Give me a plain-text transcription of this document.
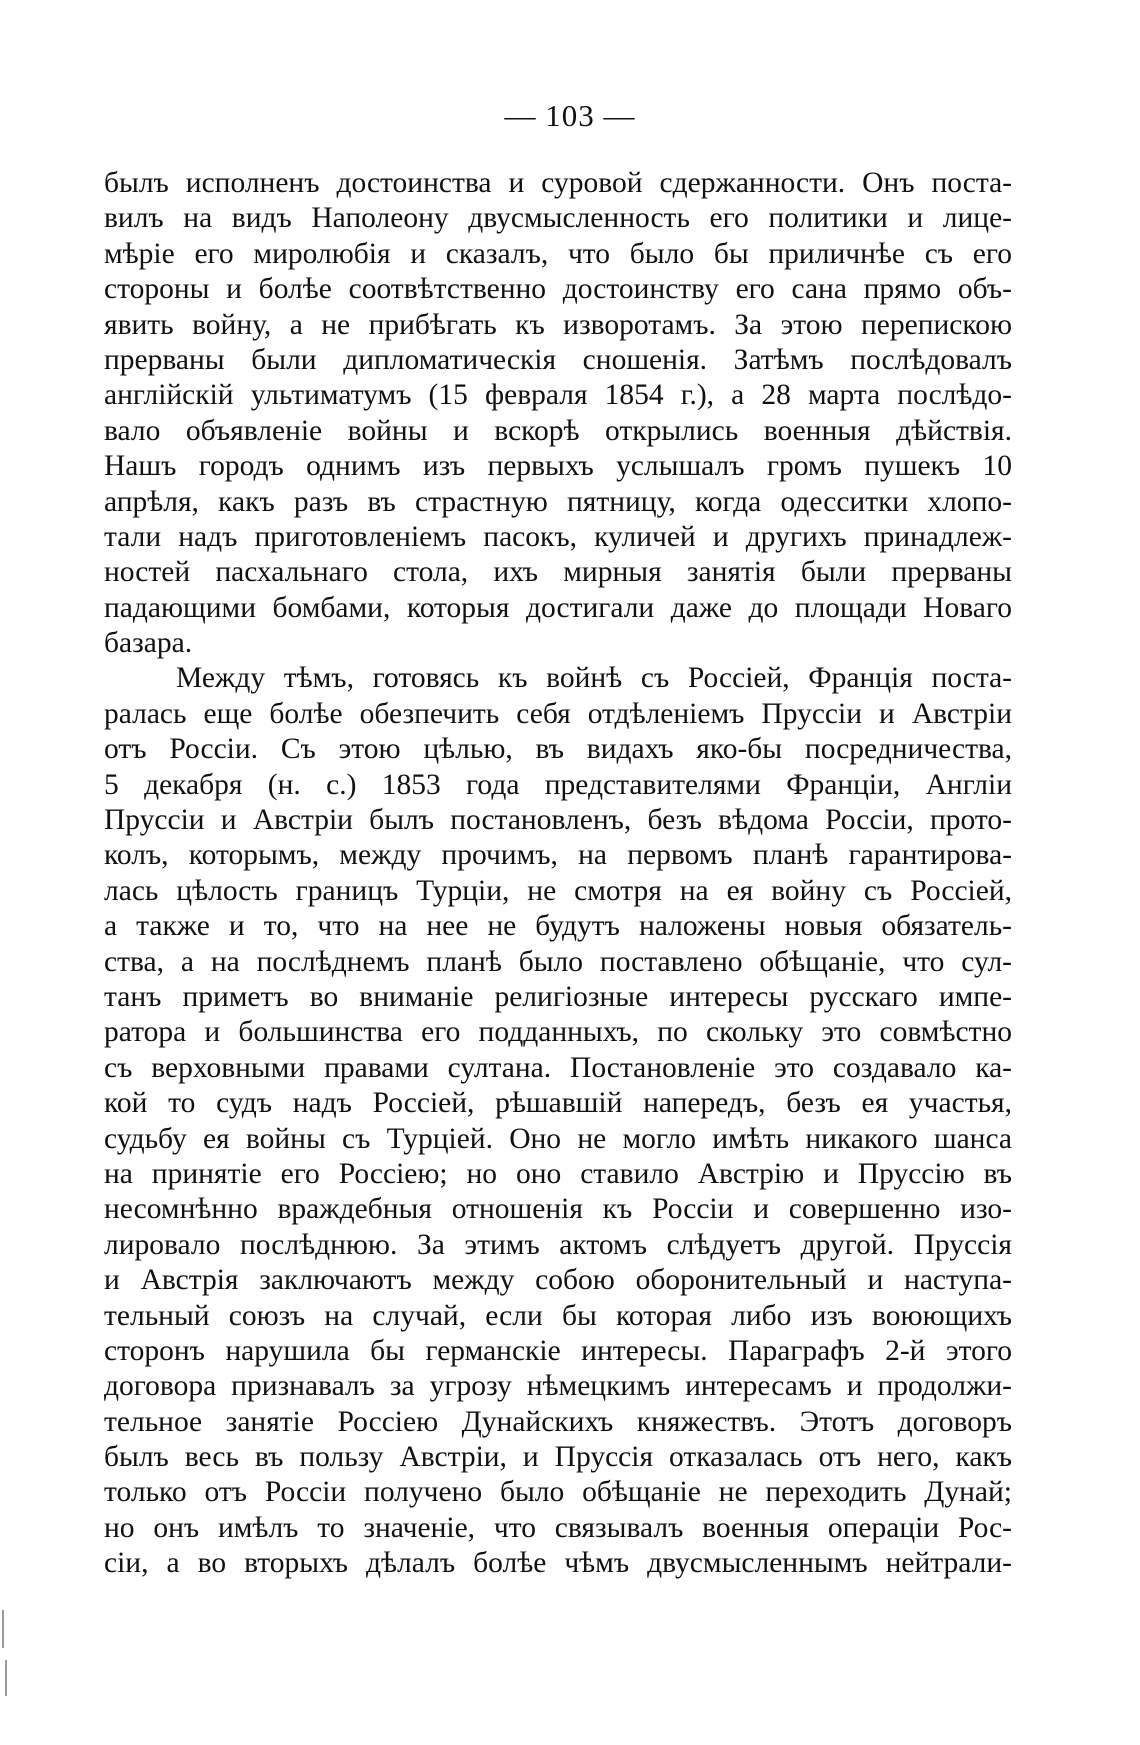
— 103 —
былъ исполненъ достоинства и суровой сдержанности. Онъ поста-
вилъ на видъ Наполеону двусмысленность его политики и лице-
мѣріе его миролюбія и сказалъ, что было бы приличнѣе съ его
стороны и болѣе соотвѣтственно достоинству его сана прямо объ-
явить войну, а не прибѣгать къ изворотамъ. За этою перепискою
прерваны были дипломатическія сношенія. Затѣмъ послѣдовалъ
англійскій ультиматумъ (15 февраля 1854 г.), а 28 марта послѣдо-
вало объявленіе войны и вскорѣ открылись военныя дѣйствія.
Нашъ городъ однимъ изъ первыхъ услышалъ громъ пушекъ 10
апрѣля, какъ разъ въ страстную пятницу, когда одесситки хлопо-
тали надъ приготовленіемъ пасокъ, куличей и другихъ принадлеж-
ностей пасхальнаго стола, ихъ мирныя занятія были прерваны
падающими бомбами, которыя достигали даже до площади Новаго
базара.
Между тѣмъ, готовясь къ войнѣ съ Россіей, Францiя поста-
ралась еще болѣе обезпечить себя отдѣленіемъ Пруссіи и Австріи
отъ Россіи. Съ этою цѣлью, въ видахъ яко-бы посредничества,
5 декабря (н. с.) 1853 года представителями Франціи, Англіи
Пруссіи и Австріи былъ постановленъ, безъ вѣдома Россіи, прото-
колъ, которымъ, между прочимъ, на первомъ планѣ гарантирова-
лась цѣлость границъ Турціи, не смотря на ея войну съ Россіей,
а также и то, что на нее не будутъ наложены новыя обязатель-
ства, а на послѣднемъ планѣ было поставлено обѣщаніе, что сул-
танъ приметъ во вниманіе религіозные интересы русскаго импе-
ратора и большинства его подданныхъ, по скольку это совмѣстно
съ верховными правами султана. Постановленіе это создавало ка-
кой то судъ надъ Россіей, рѣшавшій напередъ, безъ ея участья,
судьбу ея войны съ Турціей. Оно не могло имѣть никакого шанса
на принятіе его Россіею; но оно ставило Австрію и Пруссію въ
несомнѣнно враждебныя отношенія къ Россіи и совершенно изо-
лировало послѣднюю. За этимъ актомъ слѣдуетъ другой. Пруссія
и Австрія заключаютъ между собою оборонительный и наступа-
тельный союзъ на случай, если бы которая либо изъ воюющихъ
сторонъ нарушила бы германскіе интересы. Параграфъ 2-й этого
договора признавалъ за угрозу нѣмецкимъ интересамъ и продолжи-
тельное занятіе Россіею Дунайскихъ княжествъ. Этотъ договоръ
былъ весь въ пользу Австріи, и Пруссія отказалась отъ него, какъ
только отъ Россіи получено было обѣщаніе не переходить Дунай;
но онъ имѣлъ то значеніе, что связывалъ военныя операціи Рос-
сіи, а во вторыхъ дѣлалъ болѣе чѣмъ двусмысленнымъ нейтрали-
